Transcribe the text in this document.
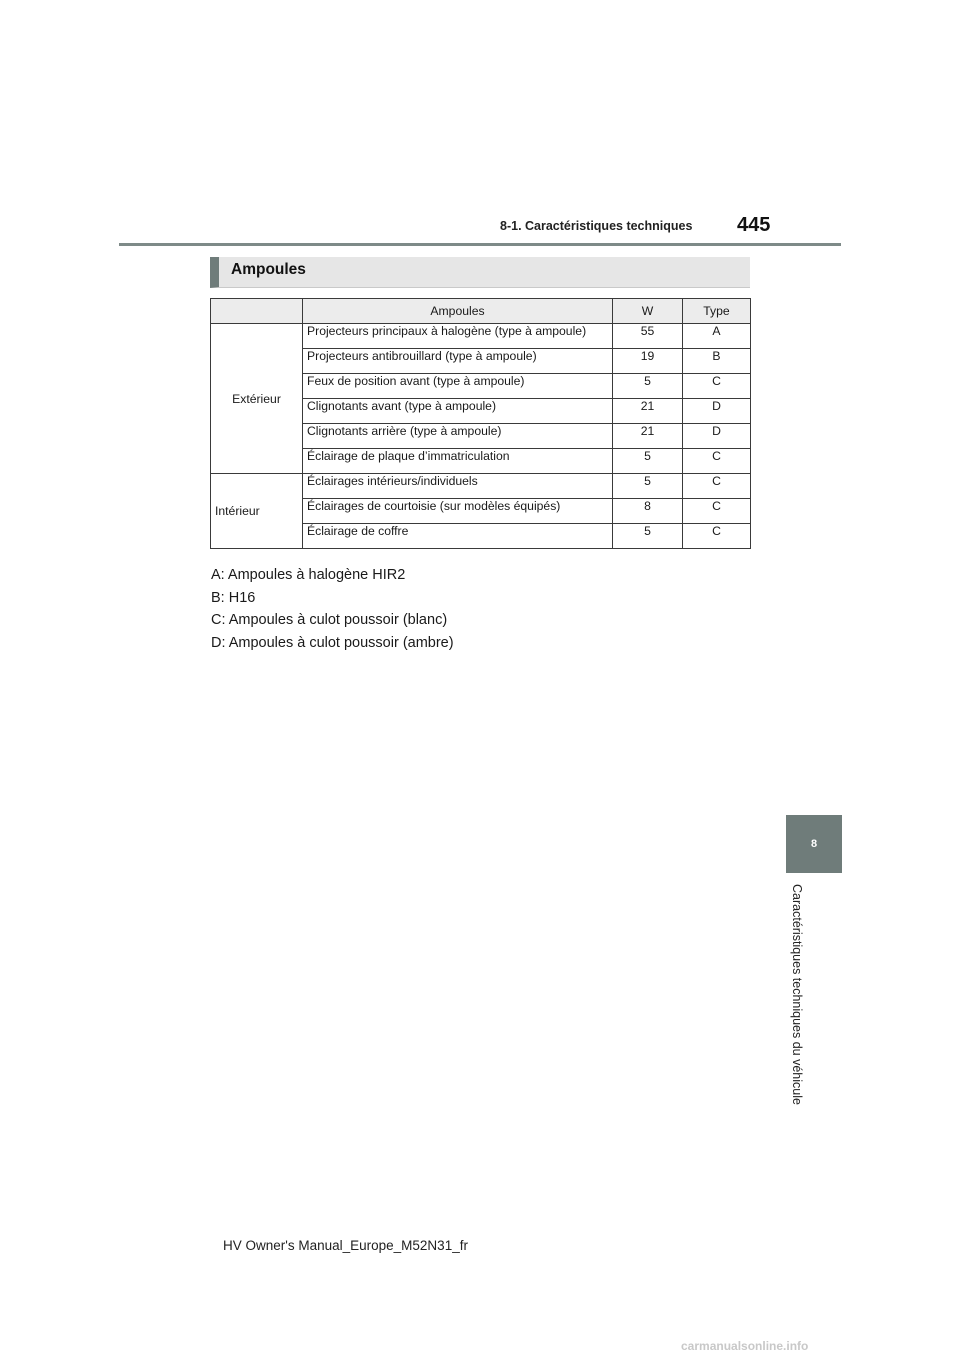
8-1. Caractéristiques techniques 445
Ampoules
	Ampoules	W	Type
Extérieur	Projecteurs principaux à halogène (type à ampoule)	55	A
	Projecteurs antibrouillard (type à ampoule)	19	B
	Feux de position avant (type à ampoule)	5	C
	Clignotants avant (type à ampoule)	21	D
	Clignotants arrière (type à ampoule)	21	D
	Éclairage de plaque d’immatriculation	5	C
Intérieur	Éclairages intérieurs/individuels	5	C
	Éclairages de courtoisie (sur modèles équipés)	8	C
	Éclairage de coffre	5	C
A: Ampoules à halogène HIR2
B: H16
C: Ampoules à culot poussoir (blanc)
D: Ampoules à culot poussoir (ambre)
8
Caractéristiques techniques du véhicule
HV Owner's Manual_Europe_M52N31_fr
carmanualsonline.info
